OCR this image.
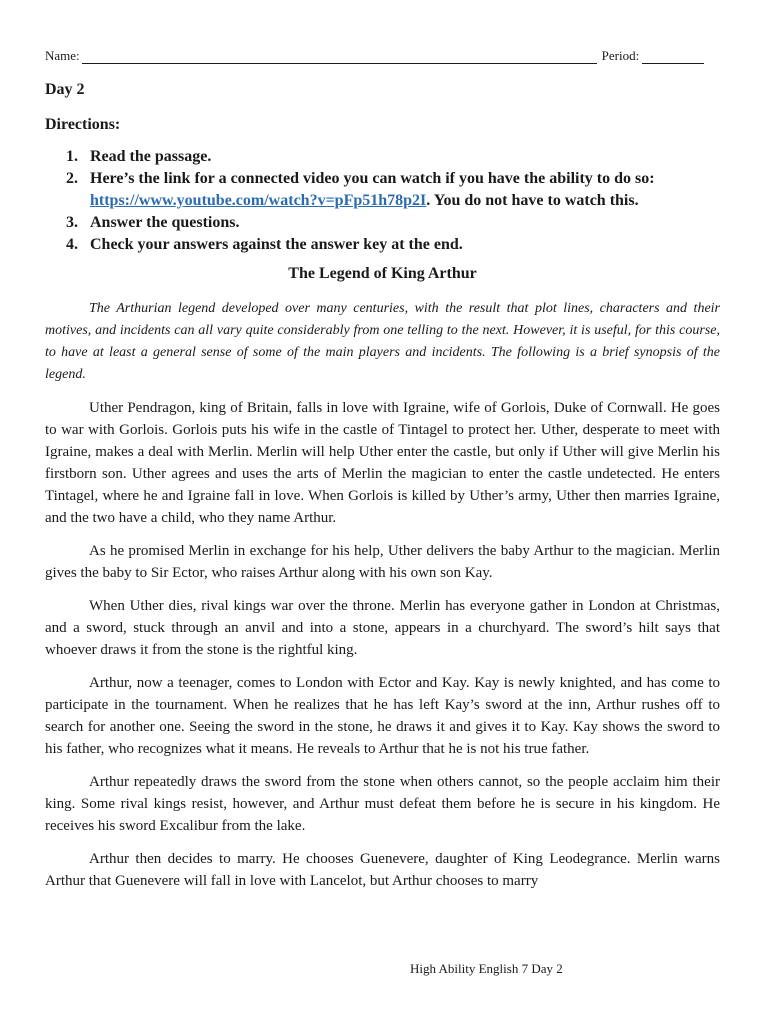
Name:	Period:
Day 2
Directions:
Read the passage.
Here’s the link for a connected video you can watch if you have the ability to do so:
https://www.youtube.com/watch?v=pFp51h78p2I. You do not have to watch this.
Answer the questions.
Check your answers against the answer key at the end.
The Legend of King Arthur

The Arthurian legend developed over many centuries, with the result that plot lines, characters and their motives, and incidents can all vary quite considerably from one telling to the next. However, it is useful, for this course, to have at least a general sense of some of the main players and incidents. The following is a brief synopsis of the legend.

Uther Pendragon, king of Britain, falls in love with Igraine, wife of Gorlois, Duke of Cornwall. He goes to war with Gorlois. Gorlois puts his wife in the castle of Tintagel to protect her. Uther, desperate to meet with Igraine, makes a deal with Merlin. Merlin will help Uther enter the castle, but only if Uther will give Merlin his firstborn son. Uther agrees and uses the arts of Merlin the magician to enter the castle undetected. He enters Tintagel, where he and Igraine fall in love. When Gorlois is killed by Uther’s army, Uther then marries Igraine, and the two have a child, who they name Arthur.

As he promised Merlin in exchange for his help, Uther delivers the baby Arthur to the magician. Merlin gives the baby to Sir Ector, who raises Arthur along with his own son Kay.

When Uther dies, rival kings war over the throne. Merlin has everyone gather in London at Christmas, and a sword, stuck through an anvil and into a stone, appears in a churchyard. The sword’s hilt says that whoever draws it from the stone is the rightful king.

Arthur, now a teenager, comes to London with Ector and Kay. Kay is newly knighted, and has come to participate in the tournament. When he realizes that he has left Kay’s sword at the inn, Arthur rushes off to search for another one. Seeing the sword in the stone, he draws it and gives it to Kay. Kay shows the sword to his father, who recognizes what it means. He reveals to Arthur that he is not his true father.

Arthur repeatedly draws the sword from the stone when others cannot, so the people acclaim him their king. Some rival kings resist, however, and Arthur must defeat them before he is secure in his kingdom. He receives his sword Excalibur from the lake.

Arthur then decides to marry. He chooses Guenevere, daughter of King Leodegrance. Merlin warns Arthur that Guenevere will fall in love with Lancelot, but Arthur chooses to marry

High Ability English 7 Day 2
